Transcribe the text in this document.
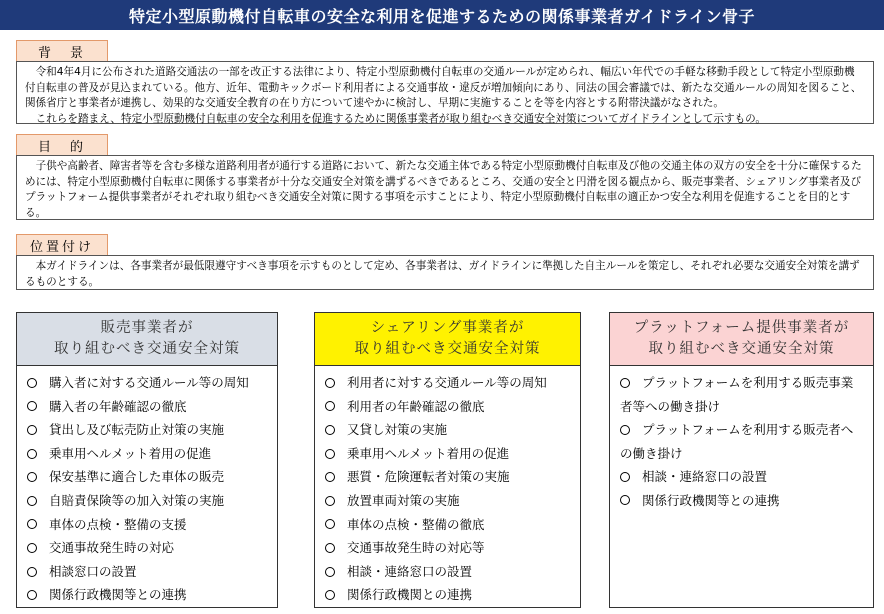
特定小型原動機付自転車の安全な利用を促進するための関係事業者ガイドライン骨子
背　景

令和4年4月に公布された道路交通法の一部を改正する法律により、特定小型原動機付自転車の交通ルールが定められ、幅広い年代での手軽な移動手段として特定小型原動機付自転車の普及が見込まれている。他方、近年、電動キックボード利用者による交通事故・違反が増加傾向にあり、同法の国会審議では、新たな交通ルールの周知を図ること、関係省庁と事業者が連携し、効果的な交通安全教育の在り方について速やかに検討し、早期に実施することを等を内容とする附帯決議がなされた。

これらを踏まえ、特定小型原動機付自転車の安全な利用を促進するために関係事業者が取り組むべき交通安全対策についてガイドラインとして示すもの。

目　的

子供や高齢者、障害者等を含む多様な道路利用者が通行する道路において、新たな交通主体である特定小型原動機付自転車及び他の交通主体の双方の安全を十分に確保するためには、特定小型原動機付自転車に関係する事業者が十分な交通安全対策を講ずるべきであるところ、交通の安全と円滑を図る観点から、販売事業者、シェアリング事業者及びプラットフォーム提供事業者がそれぞれ取り組むべき交通安全対策に関する事項を示すことにより、特定小型原動機付自転車の適正かつ安全な利用を促進することを目的とする。

位置付け

本ガイドラインは、各事業者が最低限遵守すべき事項を示すものとして定め、各事業者は、ガイドラインに準拠した自主ルールを策定し、それぞれ必要な交通安全対策を講ずるものとする。

販売事業者が
取り組むべき交通安全対策
購入者に対する交通ルール等の周知
購入者の年齢確認の徹底
貸出し及び転売防止対策の実施
乗車用ヘルメット着用の促進
保安基準に適合した車体の販売
自賠責保険等の加入対策の実施
車体の点検・整備の支援
交通事故発生時の対応
相談窓口の設置
関係行政機関等との連携
シェアリング事業者が
取り組むべき交通安全対策
利用者に対する交通ルール等の周知
利用者の年齢確認の徹底
又貸し対策の実施
乗車用ヘルメット着用の促進
悪質・危険運転者対策の実施
放置車両対策の実施
車体の点検・整備の徹底
交通事故発生時の対応等
相談・連絡窓口の設置
関係行政機関との連携
プラットフォーム提供事業者が
取り組むべき交通安全対策
プラットフォームを利用する販売事業者等への働き掛け
プラットフォームを利用する販売者への働き掛け
相談・連絡窓口の設置
関係行政機関等との連携
